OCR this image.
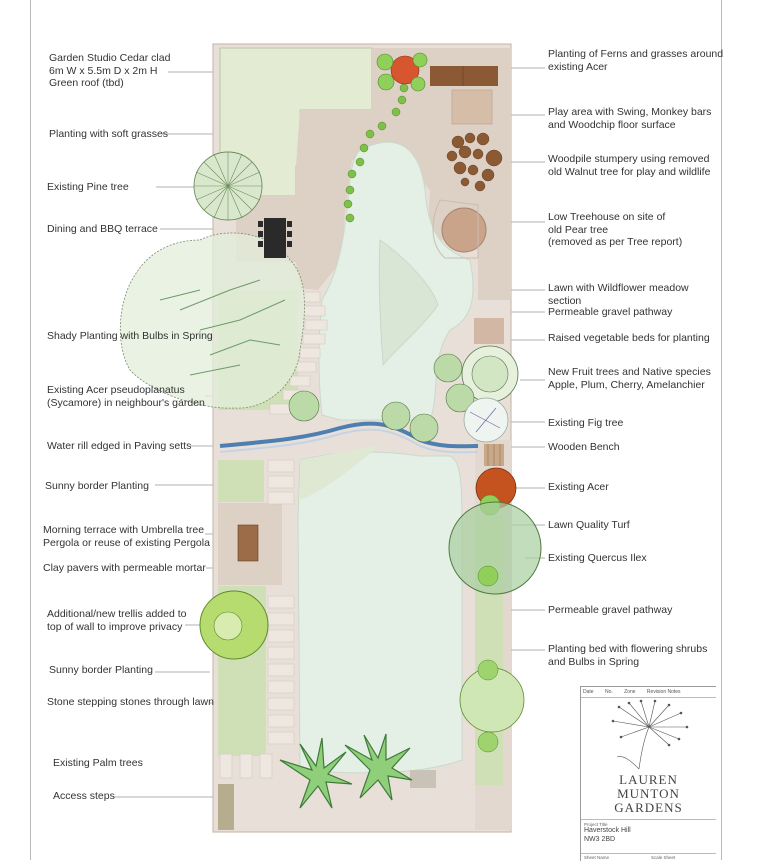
Garden Studio Cedar clad
6m W x 5.5m D x 2m H
Green roof (tbd)
Planting with soft grasses
Existing Pine tree
Dining and BBQ terrace
Shady Planting with Bulbs in Spring
Existing Acer pseudoplanatus
(Sycamore) in neighbour's garden
Water rill edged in Paving setts
Sunny border Planting
Morning terrace with Umbrella tree
Pergola or reuse of existing Pergola
Clay pavers with permeable mortar
Additional/new trellis added to
top of wall to improve privacy
Sunny border Planting
Stone stepping stones through lawn
Existing Palm trees
Access steps
Planting of Ferns and grasses around
existing Acer
Play area with Swing, Monkey bars
and Woodchip floor surface
Woodpile stumpery using removed
old Walnut tree for play and wildlife
Low Treehouse on site of
old Pear tree
(removed as per Tree report)
Lawn with Wildflower meadow
section
Permeable gravel pathway
Raised vegetable beds for planting
New Fruit trees and Native species
Apple, Plum, Cherry, Amelanchier
Existing Fig tree
Wooden Bench
Existing Acer
Lawn Quality Turf
Existing Quercus Ilex
Permeable gravel pathway
Planting bed with flowering shrubs
and Bulbs in Spring
Date No. Zone Revision Notes
LAUREN
MUNTON
GARDENS
Project Title
Haverstock Hill
NW3 2BD
Sheet Name	Scale Sheet
